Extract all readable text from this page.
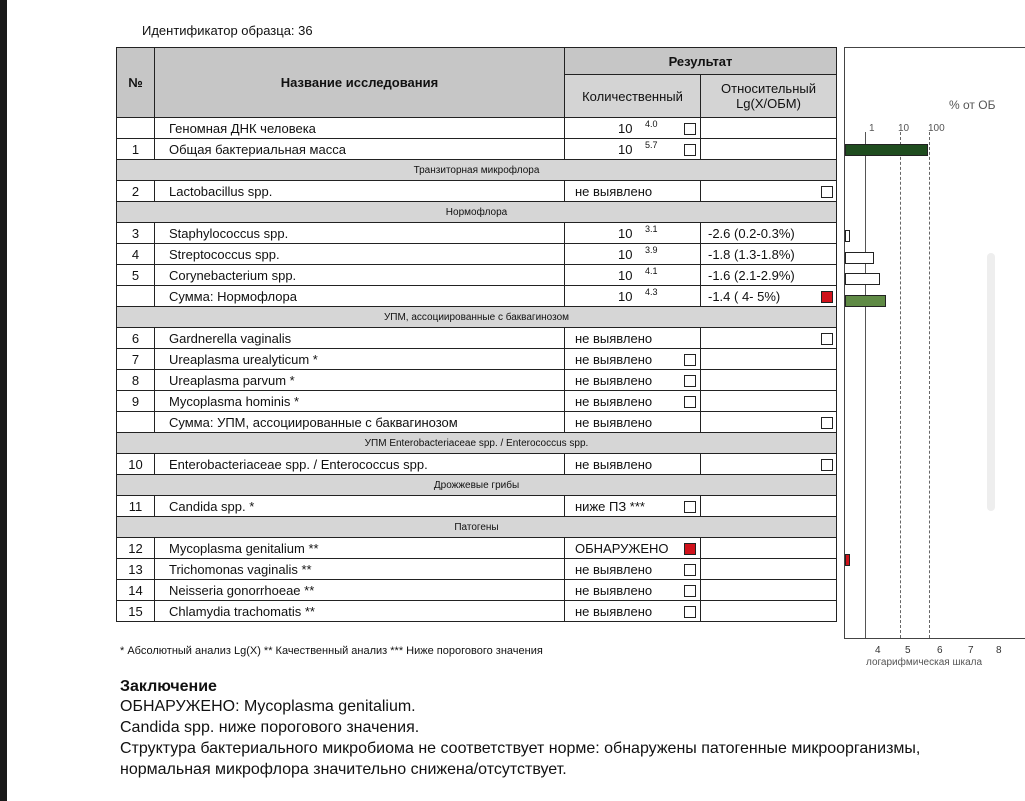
Идентификатор образца: 36
№	Название исследования	Результат	
		Количественный	Относительный
Lg(X/ОБМ)

	Геномная ДНК человека	10 4.0	

1	Общая бактериальная масса	10 5.7	

Транзиторная микрофлора			
2	Lactobacillus spp.	не выявлено	

Нормофлора			
3	Staphylococcus spp.	10 3.1	-2.6 (0.2-0.3%)

4	Streptococcus spp.	10 3.9	-1.8 (1.3-1.8%)

5	Corynebacterium spp.	10 4.1	-1.6 (2.1-2.9%)

	Сумма: Нормофлора	10 4.3	-1.4 ( 4- 5%)

УПМ, ассоциированные с баквагинозом			
6	Gardnerella vaginalis	не выявлено	

7	Ureaplasma urealyticum *	не выявлено	

8	Ureaplasma parvum *	не выявлено	

9	Mycoplasma hominis *	не выявлено	

	Сумма: УПМ, ассоциированные с баквагинозом	не выявлено	

УПМ Enterobacteriaceae spp. / Enterococcus spp.			
10	Enterobacteriaceae spp. / Enterococcus spp.	не выявлено	

Дрожжевые грибы			
11	Candida spp. *	ниже ПЗ ***	

Патогены			
12	Mycoplasma genitalium **	ОБНАРУЖЕНО	

13	Trichomonas vaginalis **	не выявлено	

14	Neisseria gonorrhoeae **	не выявлено	

15	Chlamydia trachomatis **	не выявлено	

% от ОБ
1 10 100
4 5	6	7 8
логарифмическая шкала
* Абсолютный анализ Lg(X) ** Качественный анализ *** Ниже порогового значения
Заключение
ОБНАРУЖЕНО: Mycoplasma genitalium.
Candida spp. ниже порогового значения.
Структура бактериального микробиома не соответствует норме: обнаружены патогенные микроорганизмы,
нормальная микрофлора значительно снижена/отсутствует.
